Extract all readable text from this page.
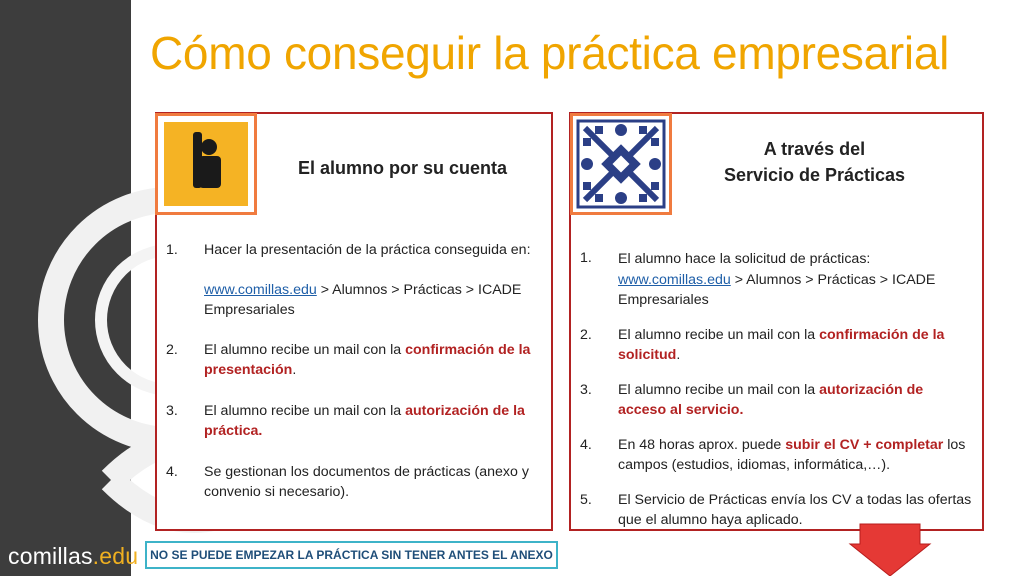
comillas.edu
Cómo conseguir la práctica empresarial
El alumno por su cuenta
A través del
Servicio de Prácticas
1. Hacer la presentación de la práctica conseguida en:
www.comillas.edu > Alumnos > Prácticas > ICADE Empresariales
2. El alumno recibe un mail con la confirmación de la presentación.
3. El alumno recibe un mail con la autorización de la práctica.
4. Se gestionan los documentos de prácticas (anexo y convenio si necesario).
1. El alumno hace la solicitud de prácticas:
www.comillas.edu > Alumnos > Prácticas > ICADE Empresariales
2. El alumno recibe un mail con la confirmación de la solicitud.
3. El alumno recibe un mail con la autorización de acceso al servicio.
4. En 48 horas aprox. puede subir el CV + completar los campos (estudios, idiomas, informática,…).
5. El Servicio de Prácticas envía los CV a todas las ofertas que el alumno haya aplicado.
NO SE PUEDE EMPEZAR LA PRÁCTICA SIN TENER ANTES EL ANEXO
